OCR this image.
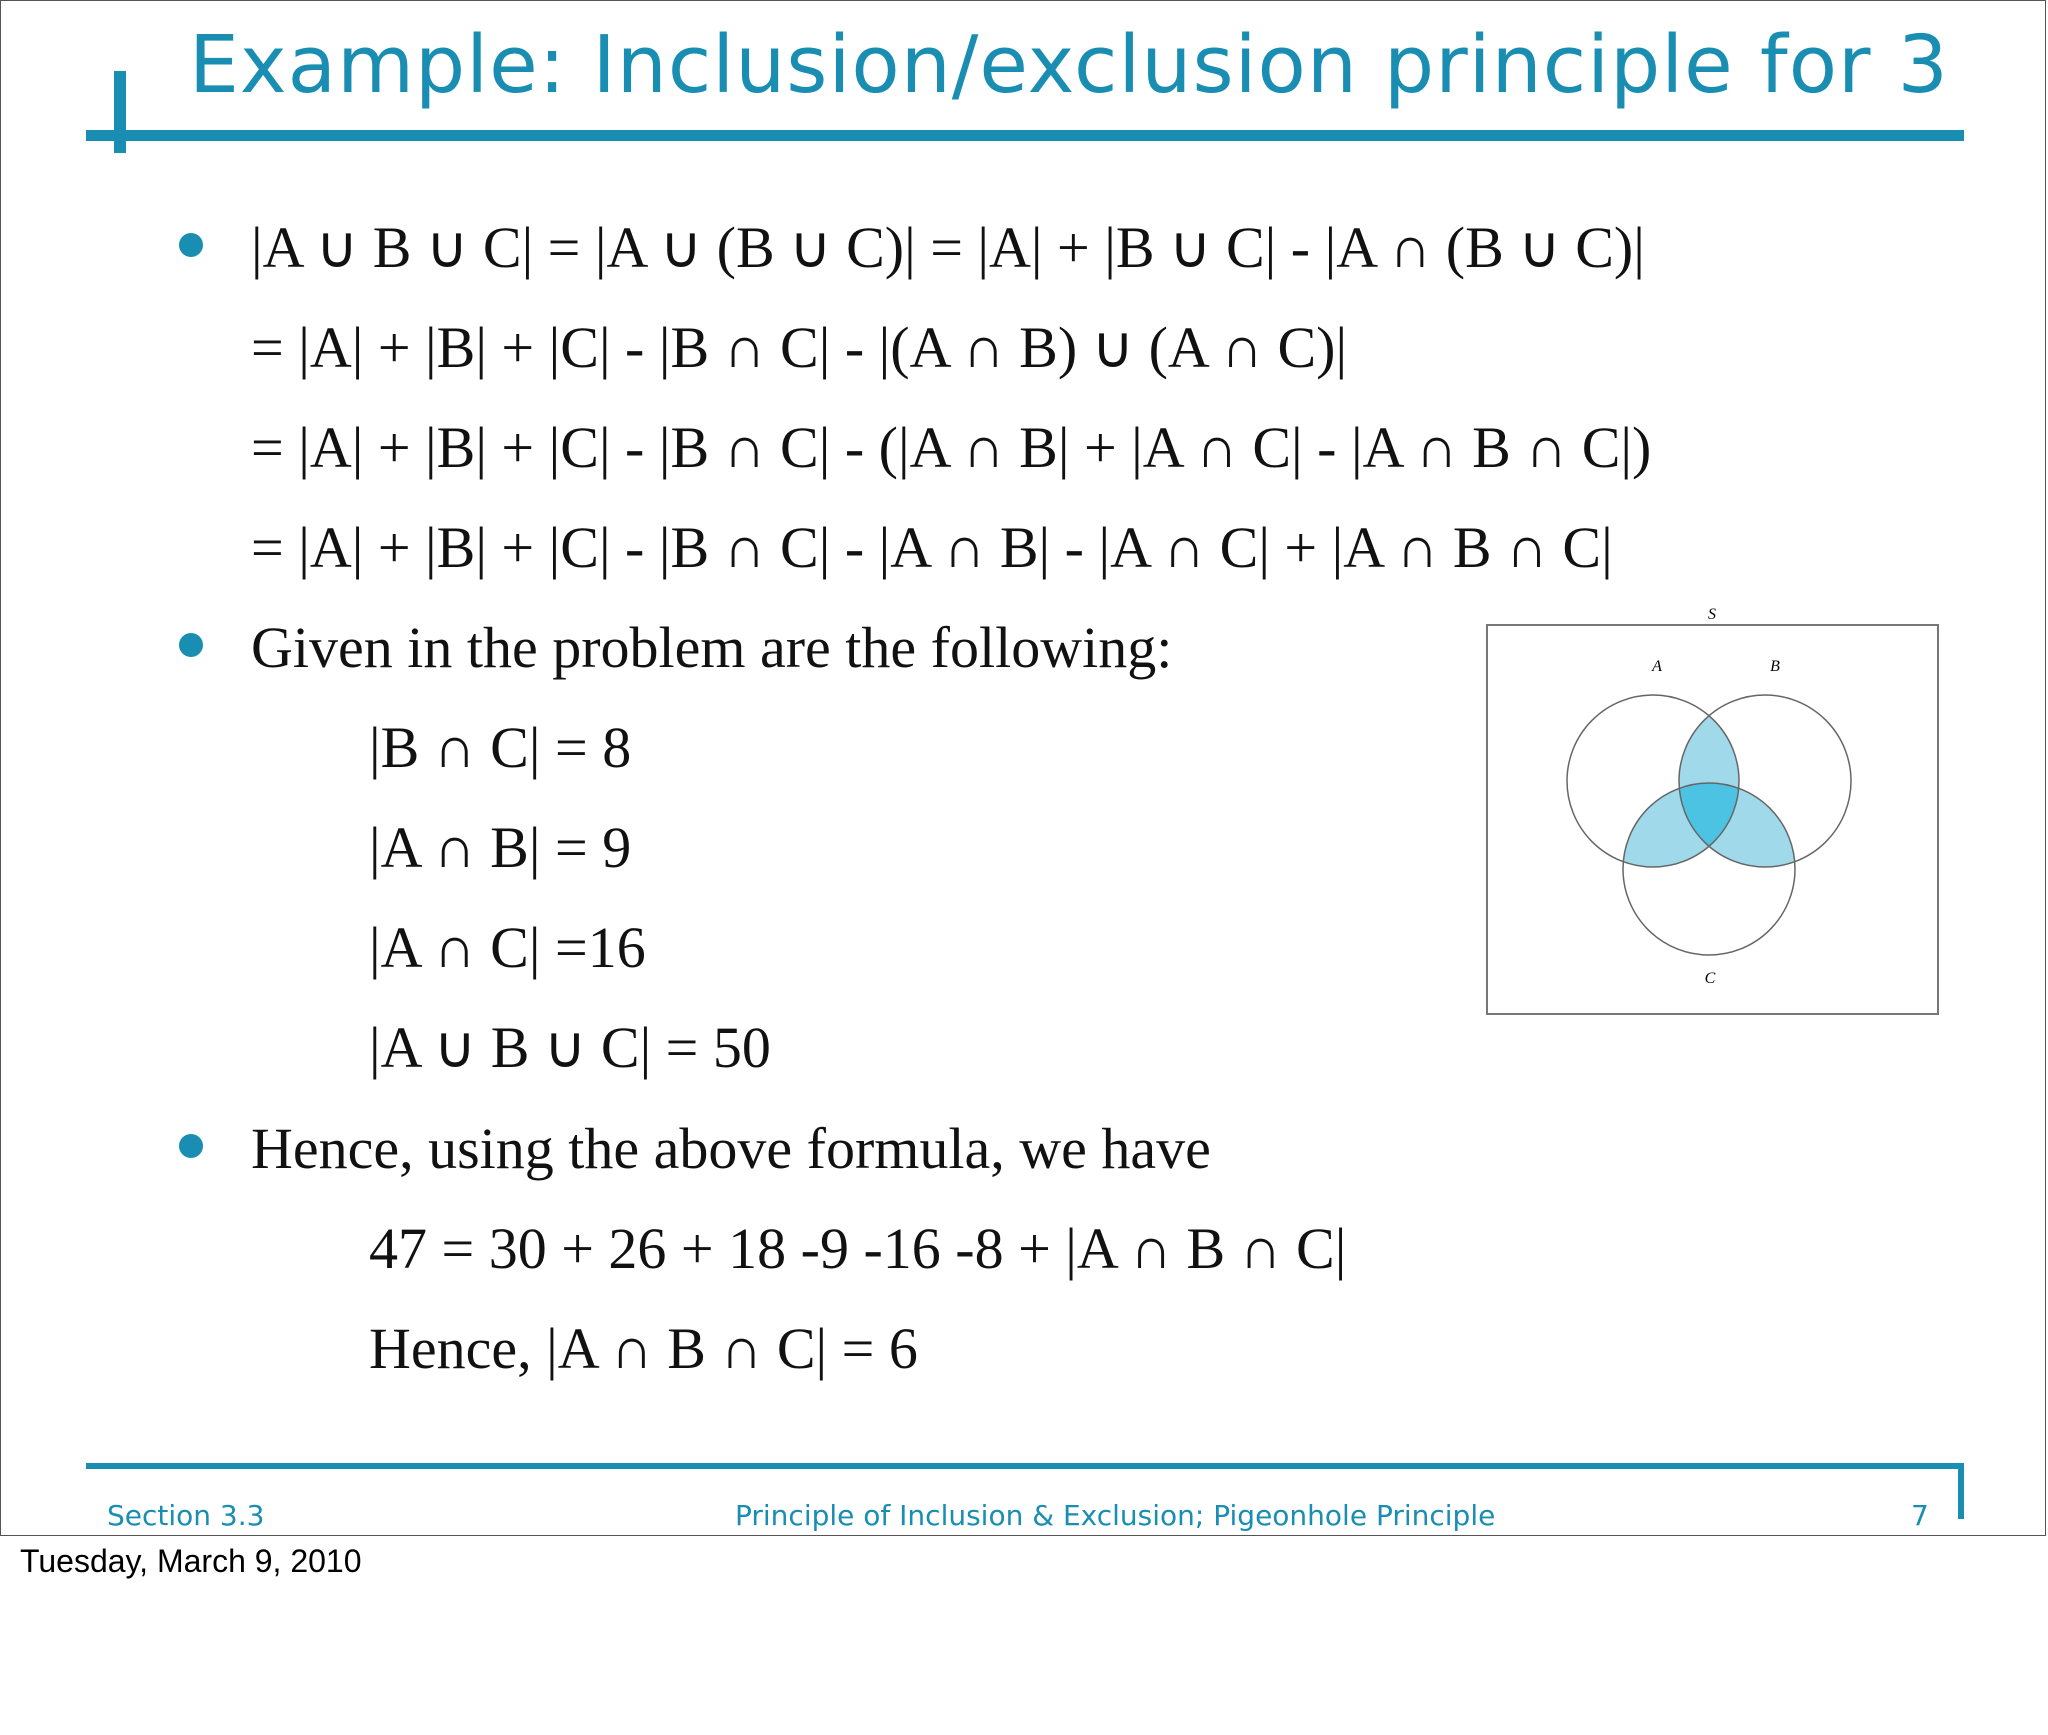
Example: Inclusion/exclusion principle for 3
|A ∪ B ∪ C| = |A ∪ (B ∪ C)| = |A| + |B ∪ C| - |A ∩ (B ∪ C)|
= |A| + |B| + |C| - |B ∩ C| - |(A ∩ B) ∪ (A ∩ C)|
= |A| + |B| + |C| - |B ∩ C| - (|A ∩ B| + |A ∩ C| - |A ∩ B ∩ C|)
= |A| + |B| + |C| - |B ∩ C| - |A ∩ B| - |A ∩ C| + |A ∩ B ∩ C|
Given in the problem are the following:
|B ∩ C| = 8
|A ∩ B| = 9
|A ∩ C| =16
|A ∪ B ∪ C| = 50
Hence, using the above formula, we have
47 = 30 + 26 + 18 -9 -16 -8 + |A ∩ B ∩ C|
Hence, |A ∩ B ∩ C| = 6
S
A	B
C
Section 3.3	Principle of Inclusion & Exclusion; Pigeonhole Principle	7
Tuesday, March 9, 2010
